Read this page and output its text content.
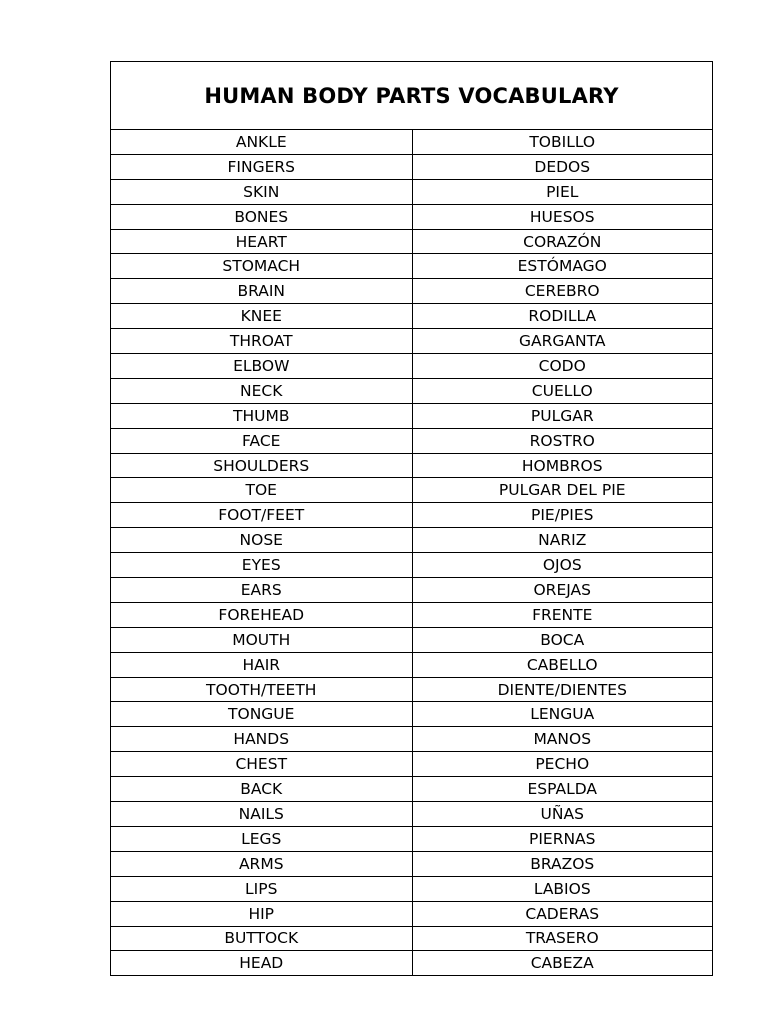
HUMAN BODY PARTS VOCABULARY
ANKLE	TOBILLO
FINGERS	DEDOS
SKIN	PIEL
BONES	HUESOS
HEART	CORAZÓN
STOMACH	ESTÓMAGO
BRAIN	CEREBRO
KNEE	RODILLA
THROAT	GARGANTA
ELBOW	CODO
NECK	CUELLO
THUMB	PULGAR
FACE	ROSTRO
SHOULDERS	HOMBROS
TOE	PULGAR DEL PIE
FOOT/FEET	PIE/PIES
NOSE	NARIZ
EYES	OJOS
EARS	OREJAS
FOREHEAD	FRENTE
MOUTH	BOCA
HAIR	CABELLO
TOOTH/TEETH	DIENTE/DIENTES
TONGUE	LENGUA
HANDS	MANOS
CHEST	PECHO
BACK	ESPALDA
NAILS	UÑAS
LEGS	PIERNAS
ARMS	BRAZOS
LIPS	LABIOS
HIP	CADERAS
BUTTOCK	TRASERO
HEAD	CABEZA
